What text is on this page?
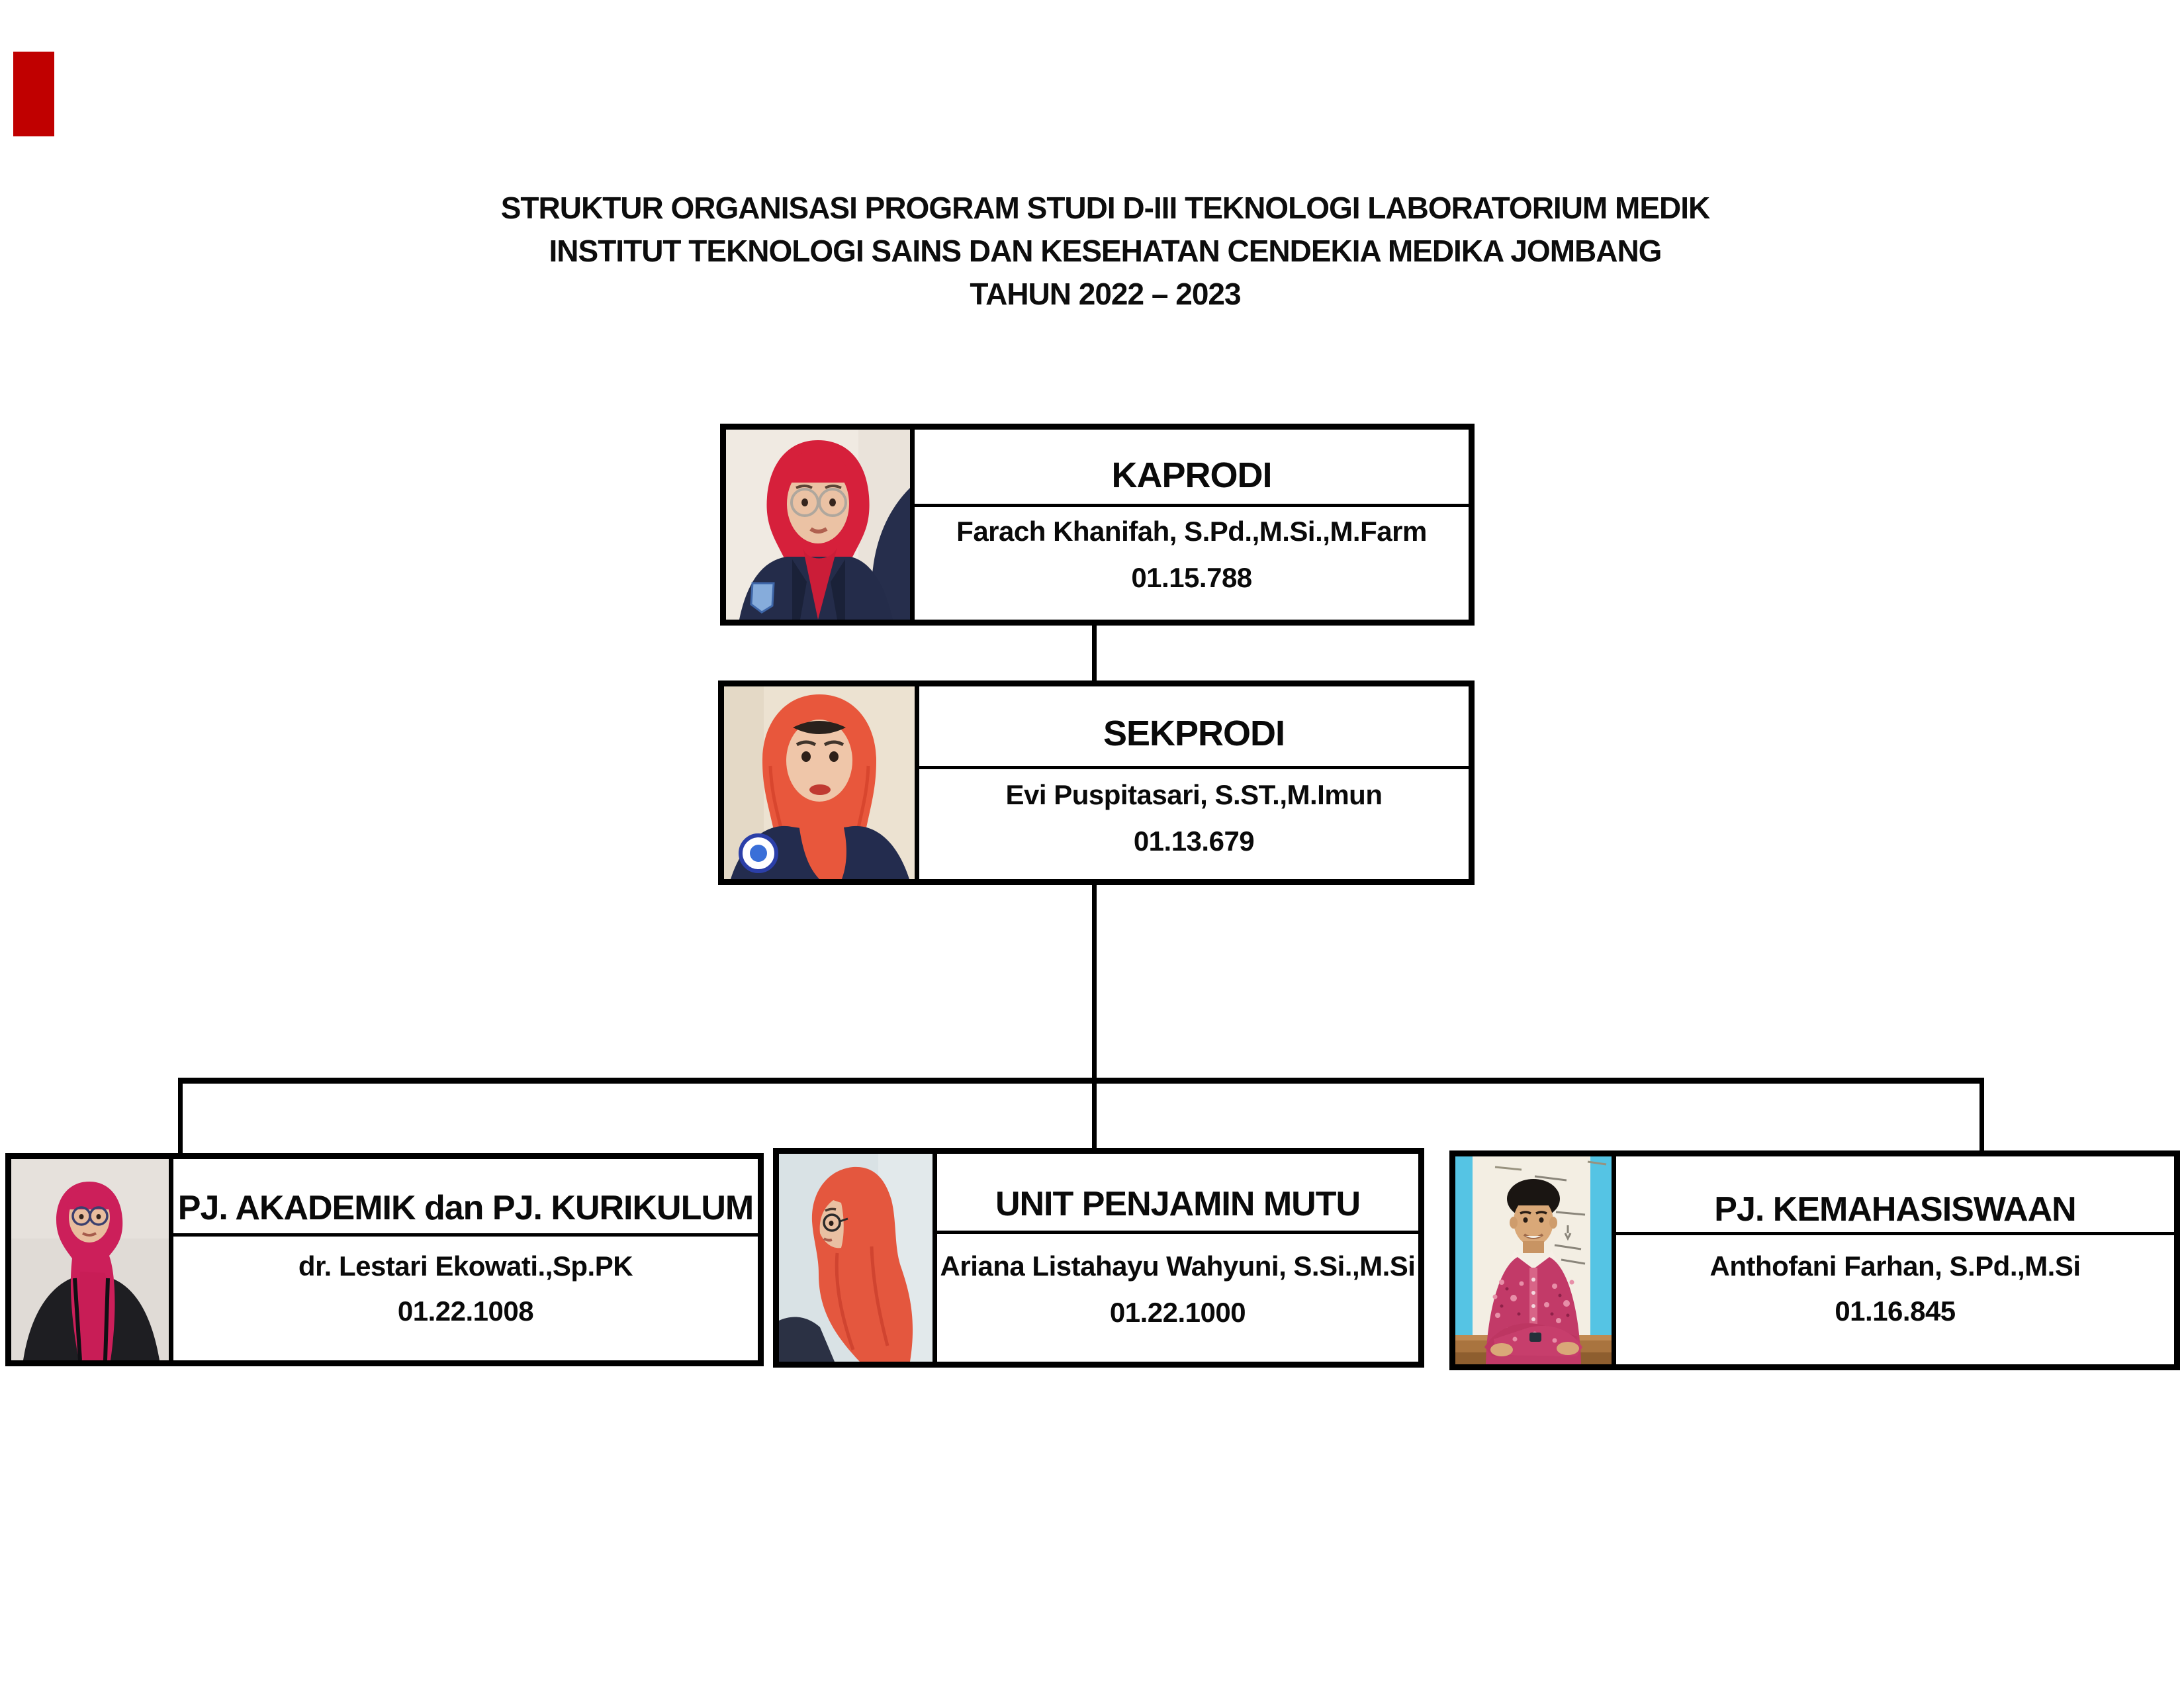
STRUKTUR ORGANISASI PROGRAM STUDI D-III TEKNOLOGI LABORATORIUM MEDIK
INSTITUT TEKNOLOGI SAINS DAN KESEHATAN CENDEKIA MEDIKA JOMBANG
TAHUN 2022 – 2023
KAPRODI
Farach Khanifah, S.Pd.,M.Si.,M.Farm
01.15.788
SEKPRODI
Evi Puspitasari, S.ST.,M.Imun
01.13.679
PJ. AKADEMIK dan PJ. KURIKULUM
dr. Lestari Ekowati.,Sp.PK
01.22.1008
UNIT PENJAMIN MUTU
Ariana Listahayu Wahyuni, S.Si.,M.Si
01.22.1000
PJ. KEMAHASISWAAN
Anthofani Farhan, S.Pd.,M.Si
01.16.845
